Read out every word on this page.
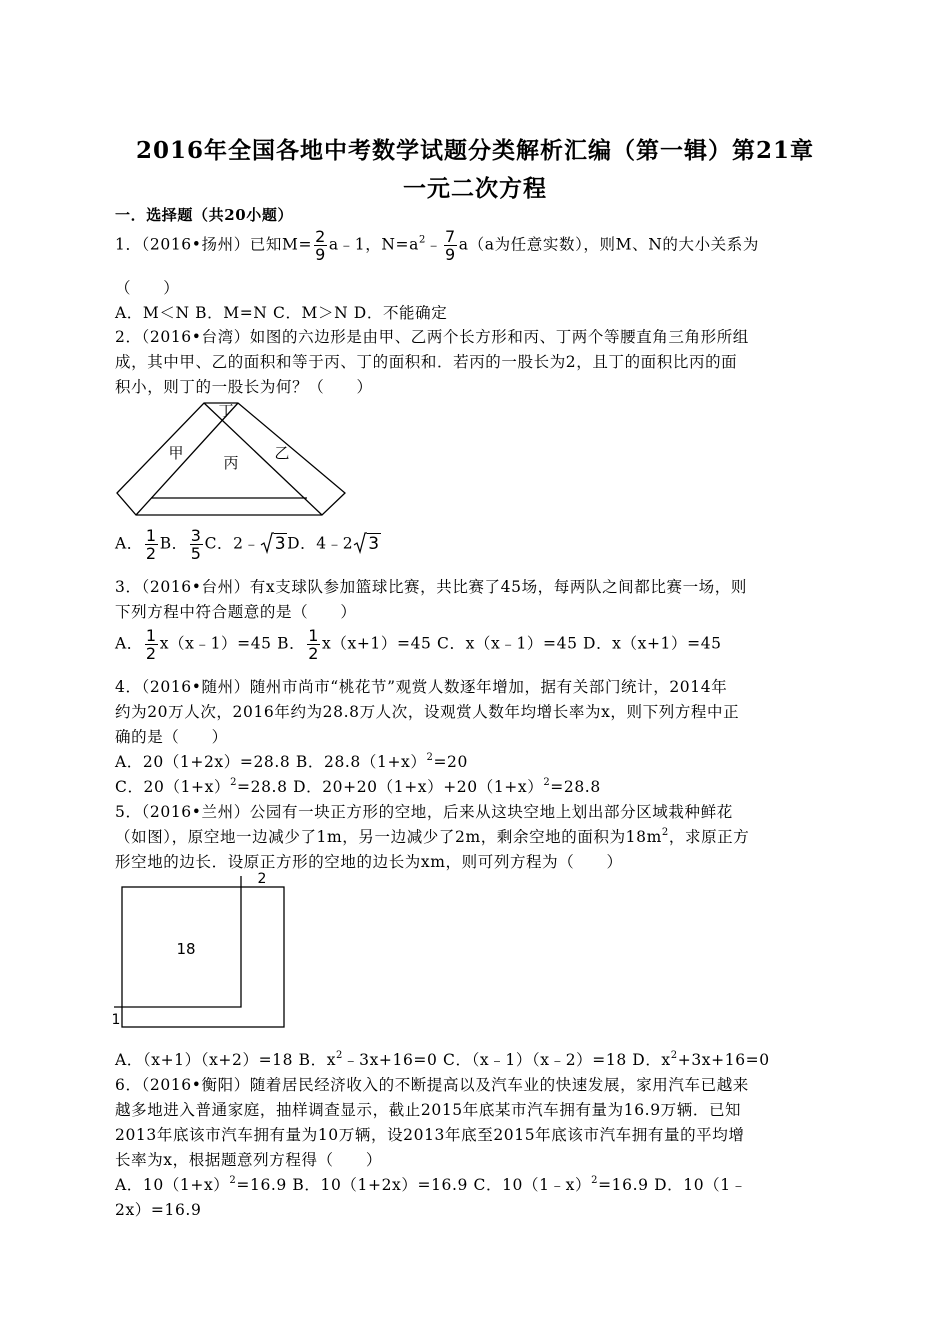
2016年全国各地中考数学试题分类解析汇编（第一辑）第21章
一元二次方程
一．选择题（共20小题）
1．（2016•扬州）已知$M= \frac{2}{9}$ a﹣1，$N=a^2﹣ \frac{7}{9} a(a$为任意实数），则M、N的大小关系为
（　　）
A．M＜N B．M=N C．M＞N D．不能确定
2．（2016•台湾）如图的六边形是由甲、乙两个长方形和丙、丁两个等腰直角三角形所组
成，其中甲、乙的面积和等于丙、丁的面积和．若丙的一股长为2，且丁的面积比丙的面
积小，则丁的一股长为何？（　　）
丁
甲
丙
乙
A． $\frac{1}{2}$ B． $\frac{3}{5}$ C．2﹣ 3D．4﹣2 3
3．（2016•台州）有x支球队参加篮球比赛，共比赛了45场，每两队之间都比赛一场，则
下列方程中符合题意的是（　　）
A． $\frac{1}{2}$ x（x﹣1）=45 B． $\frac{1}{2} x(x+1)=45$ C．x（x﹣1）=45 D．x（x+1）=45
4．（2016•随州）随州市尚市“桃花节”观赏人数逐年增加，据有关部门统计，2014年
约为20万人次，2016年约为28.8万人次，设观赏人数年均增长率为x，则下列方程中正
确的是（　　）
A．20（1+2x）=28.8 B．$28.8(1+x)^2=20$
C．$20(1+x)^2=28.8$ D．$20+20(1+x)+20(1+x)^2=28.8$
5．（2016•兰州）公园有一块正方形的空地，后来从这块空地上划出部分区域栽种鲜花
（如图），原空地一边减少了1m，另一边减少了2m，剩余空地的面积为$18m^2$，求原正方
形空地的边长．设原正方形的空地的边长为xm，则可列方程为（　　）
18
2
1
A．（x+1）（x+2）=18 B．$x^2﹣3x+16=0$ C．（x﹣1）（x﹣2）=18 D．$x^2+3x+16=0$
6．（2016•衡阳）随着居民经济收入的不断提高以及汽车业的快速发展，家用汽车已越来
越多地进入普通家庭，抽样调查显示，截止2015年底某市汽车拥有量为16.9万辆．已知
2013年底该市汽车拥有量为10万辆，设2013年底至2015年底该市汽车拥有量的平均增
长率为x，根据题意列方程得（　　）
A．$10(1+x)^2=16.9$ B．10（1+2x）=16.9 C．10（1﹣x）$^2$=16.9 D．10（1﹣
2x）=16.9
